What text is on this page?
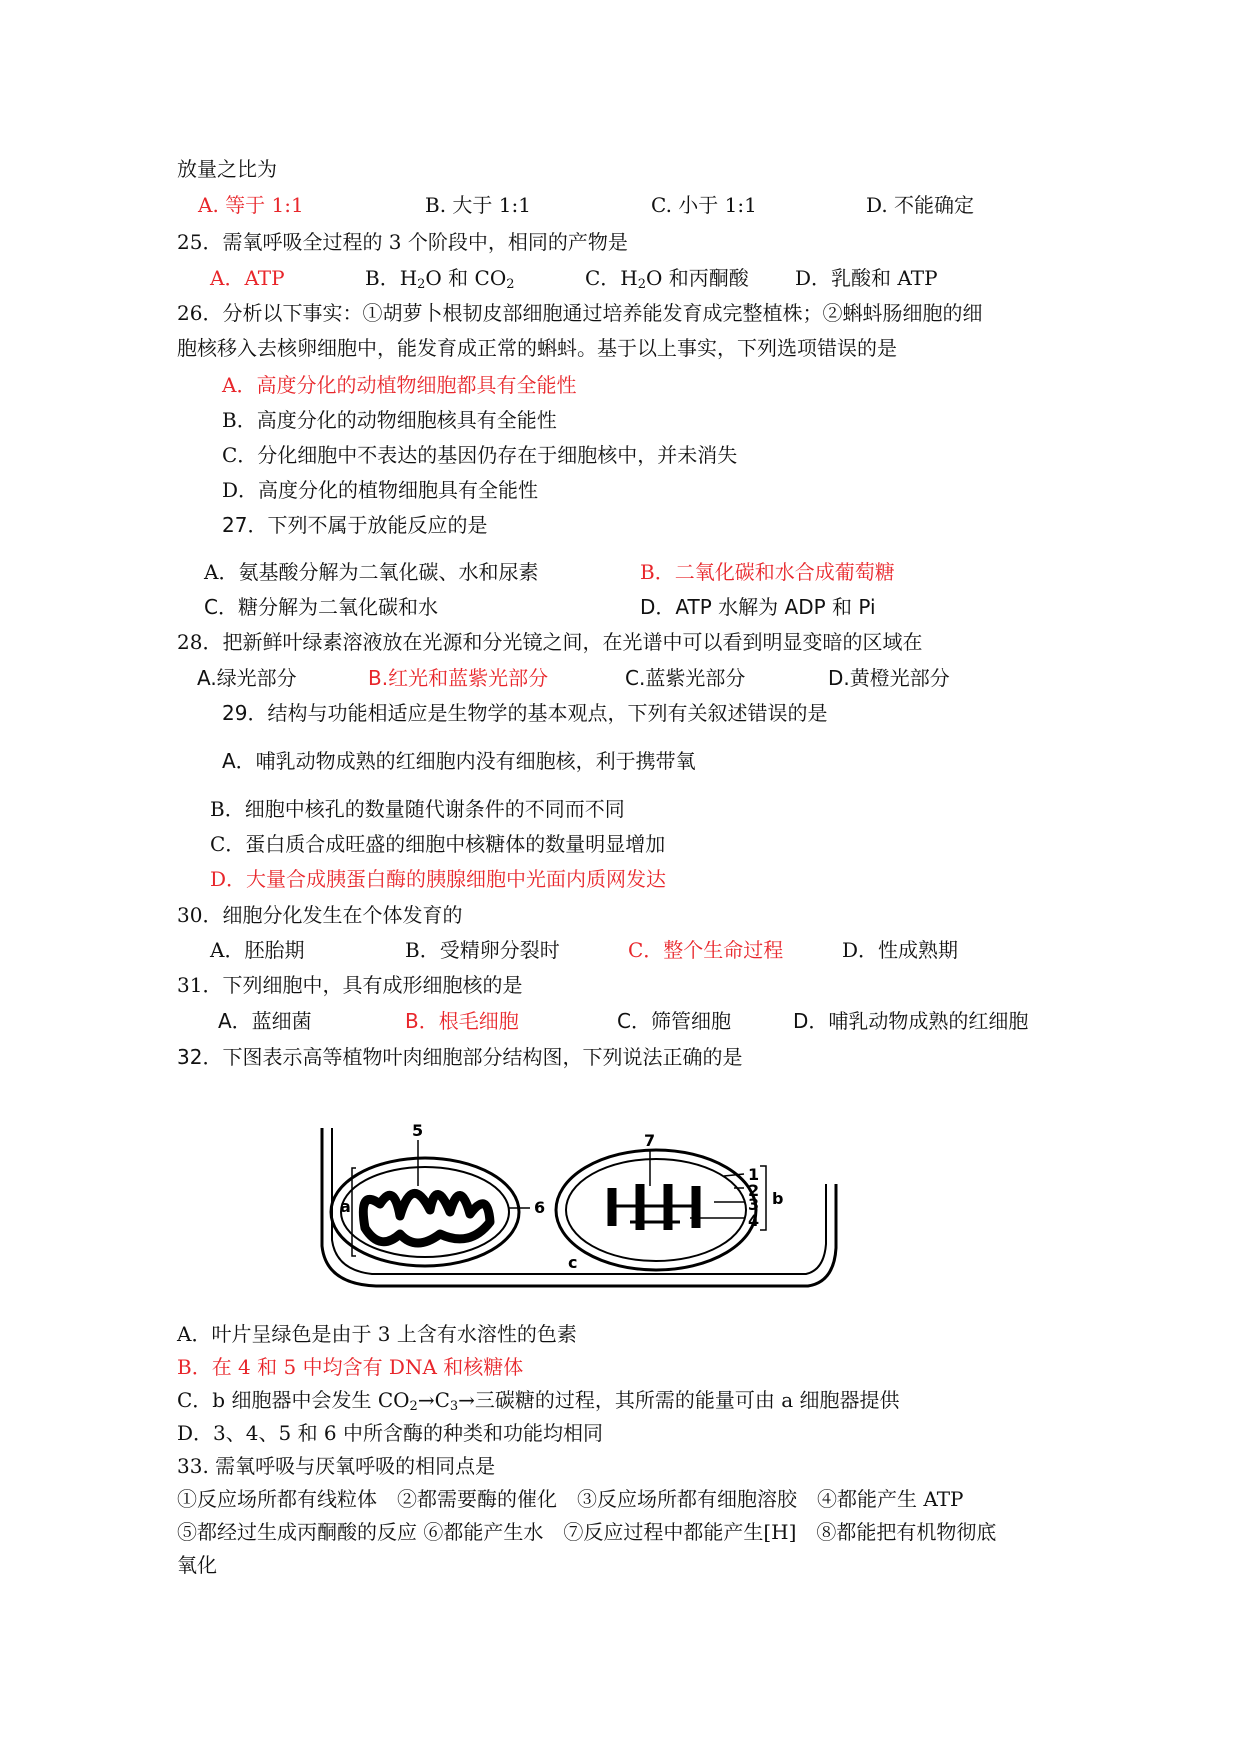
放量之比为
A. 等于 1:1	B. 大于 1:1	C. 小于 1:1	D. 不能确定
25．需氧呼吸全过程的 3 个阶段中，相同的产物是
A．ATP	B．$H_2O$ 和 $CO_2$	C．$H_2O$ 和丙酮酸 D．乳酸和 ATP
26．分析以下事实：①胡萝卜根韧皮部细胞通过培养能发育成完整植株；②蝌蚪肠细胞的细
胞核移入去核卵细胞中，能发育成正常的蝌蚪。基于以上事实，下列选项错误的是
A．高度分化的动植物细胞都具有全能性
B．高度分化的动物细胞核具有全能性
C．分化细胞中不表达的基因仍存在于细胞核中，并未消失
D．高度分化的植物细胞具有全能性
27．下列不属于放能反应的是
A．氨基酸分解为二氧化碳、水和尿素	B．二氧化碳和水合成葡萄糖
C．糖分解为二氧化碳和水	D．ATP 水解为 ADP 和 Pi
28．把新鲜叶绿素溶液放在光源和分光镜之间，在光谱中可以看到明显变暗的区域在
A.绿光部分	B.红光和蓝紫光部分	C.蓝紫光部分	D.黄橙光部分
29．结构与功能相适应是生物学的基本观点，下列有关叙述错误的是
A．哺乳动物成熟的红细胞内没有细胞核，利于携带氧
B．细胞中核孔的数量随代谢条件的不同而不同
C．蛋白质合成旺盛的细胞中核糖体的数量明显增加
D．大量合成胰蛋白酶的胰腺细胞中光面内质网发达
30．细胞分化发生在个体发育的
A．胚胎期	B．受精卵分裂时	C．整个生命过程	D．性成熟期
31．下列细胞中，具有成形细胞核的是
A．蓝细菌	B．根毛细胞	C．筛管细胞	D．哺乳动物成熟的红细胞
32．下图表示高等植物叶肉细胞部分结构图，下列说法正确的是
5
6
7
1
2
3
4
a	b
c
A．叶片呈绿色是由于 3 上含有水溶性的色素
B．在 4 和 5 中均含有 DNA 和核糖体
C．b 细胞器中会发生 $CO_2\to C_3\to$三碳糖的过程，其所需的能量可由 a 细胞器提供
D．3、4、5 和 6 中所含酶的种类和功能均相同
33. 需氧呼吸与厌氧呼吸的相同点是
①反应场所都有线粒体　②都需要酶的催化　③反应场所都有细胞溶胶　④都能产生 ATP
⑤都经过生成丙酮酸的反应 ⑥都能产生水　⑦反应过程中都能产生[H]　⑧都能把有机物彻底
氧化
